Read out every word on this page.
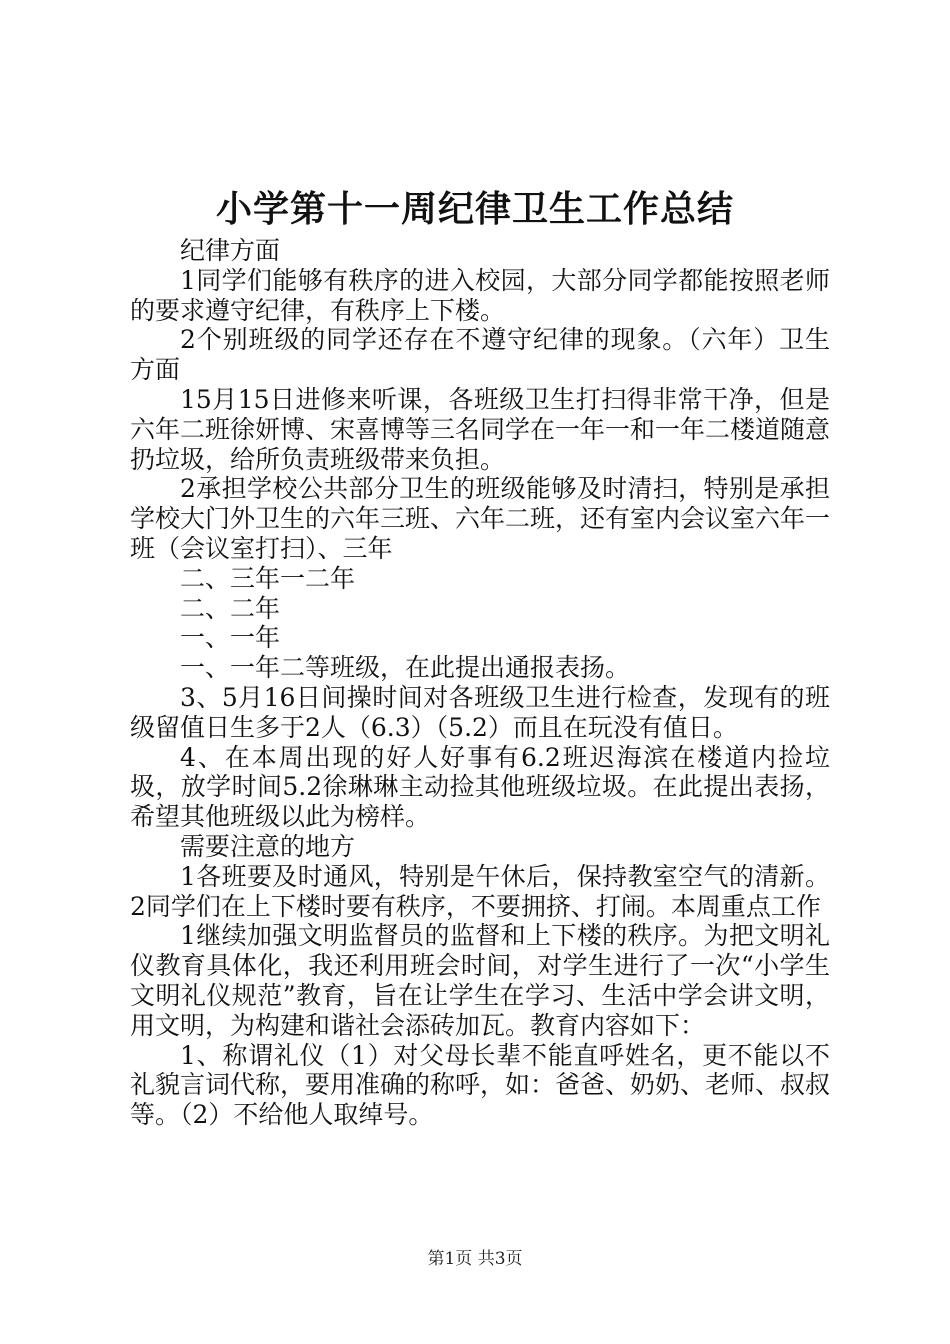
小学第十一周纪律卫生工作总结

纪律方面

1同学们能够有秩序的进入校园，大部分同学都能按照老师的要求遵守纪律，有秩序上下楼。

2个别班级的同学还存在不遵守纪律的现象。（六年）卫生方面

15月15日进修来听课，各班级卫生打扫得非常干净，但是六年二班徐妍博、宋喜博等三名同学在一年一和一年二楼道随意扔垃圾，给所负责班级带来负担。

2承担学校公共部分卫生的班级能够及时清扫，特别是承担学校大门外卫生的六年三班、六年二班，还有室内会议室六年一班（会议室打扫）、三年

二、三年一二年

二、二年

一、一年

一、一年二等班级，在此提出通报表扬。

3、5月16日间操时间对各班级卫生进行检查，发现有的班级留值日生多于2人（6.3）（5.2）而且在玩没有值日。

4、在本周出现的好人好事有6.2班迟海滨在楼道内捡垃圾，放学时间5.2徐琳琳主动捡其他班级垃圾。在此提出表扬，希望其他班级以此为榜样。

需要注意的地方

1各班要及时通风，特别是午休后，保持教室空气的清新。2同学们在上下楼时要有秩序，不要拥挤、打闹。本周重点工作

1继续加强文明监督员的监督和上下楼的秩序。为把文明礼仪教育具体化，我还利用班会时间，对学生进行了一次“小学生文明礼仪规范”教育，旨在让学生在学习、生活中学会讲文明，用文明，为构建和谐社会添砖加瓦。教育内容如下：

1、称谓礼仪（1）对父母长辈不能直呼姓名，更不能以不礼貌言词代称，要用准确的称呼，如：爸爸、奶奶、老师、叔叔等。（2）不给他人取绰号。

第1页 共3页
